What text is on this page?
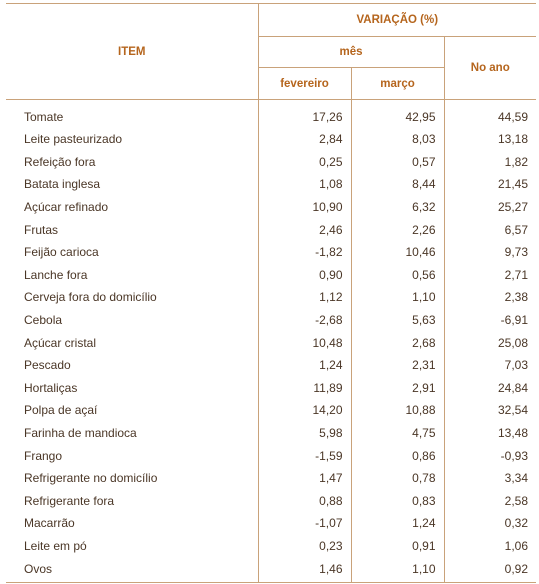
ITEM	VARIAÇÃO (%)		
	mês		No ano
	fevereiro	março	
Tomate	17,26	42,95	44,59
Leite pasteurizado	2,84	8,03	13,18
Refeição fora	0,25	0,57	1,82
Batata inglesa	1,08	8,44	21,45
Açúcar refinado	10,90	6,32	25,27
Frutas	2,46	2,26	6,57
Feijão carioca	-1,82	10,46	9,73
Lanche fora	0,90	0,56	2,71
Cerveja fora do domicílio	1,12	1,10	2,38
Cebola	-2,68	5,63	-6,91
Açúcar cristal	10,48	2,68	25,08
Pescado	1,24	2,31	7,03
Hortaliças	11,89	2,91	24,84
Polpa de açaí	14,20	10,88	32,54
Farinha de mandioca	5,98	4,75	13,48
Frango	-1,59	0,86	-0,93
Refrigerante no domicílio	1,47	0,78	3,34
Refrigerante fora	0,88	0,83	2,58
Macarrão	-1,07	1,24	0,32
Leite em pó	0,23	0,91	1,06
Ovos	1,46	1,10	0,92
